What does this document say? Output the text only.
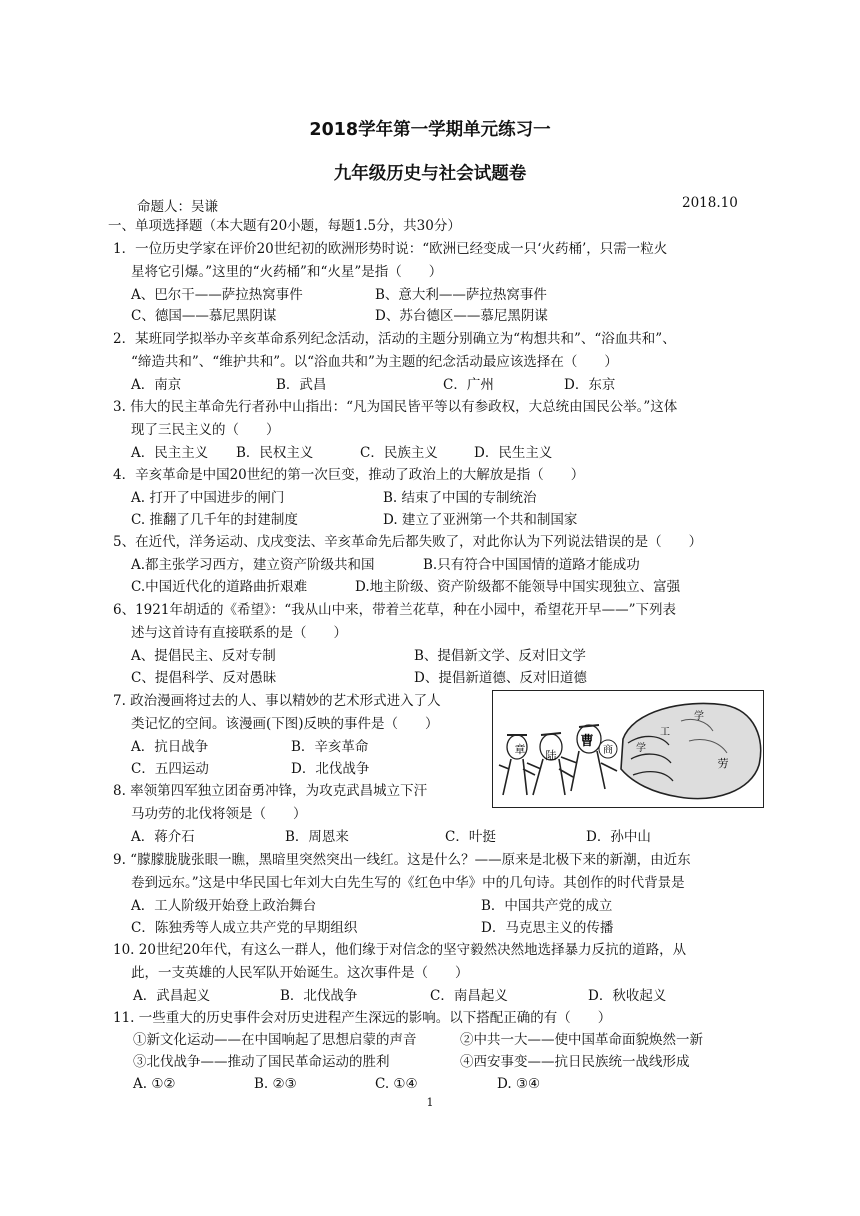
2018学年第一学期单元练习一
九年级历史与社会试题卷
命题人：吴谦	2018.10
一、单项选择题（本大题有20小题，每题1.5分，共30分）
1．一位历史学家在评价20世纪初的欧洲形势时说：“欧洲已经变成一只‘火药桶’，只需一粒火
星将它引爆。”这里的“火药桶”和“火星”是指（　　）
A、巴尔干——萨拉热窝事件	B、意大利——萨拉热窝事件
C、德国——慕尼黑阴谋	D、苏台德区——慕尼黑阴谋
2．某班同学拟举办辛亥革命系列纪念活动，活动的主题分别确立为“构想共和”、“浴血共和”、
“缔造共和”、“维护共和”。以“浴血共和”为主题的纪念活动最应该选择在（　　）
A．南京	B．武昌	C．广州	D．东京
3. 伟大的民主革命先行者孙中山指出：“凡为国民皆平等以有参政权，大总统由国民公举。”这体
现了三民主义的（　　）
A．民主主义 B．民权主义	C．民族主义	D．民生主义
4．辛亥革命是中国20世纪的第一次巨变，推动了政治上的大解放是指（　　）
A. 打开了中国进步的闸门	B. 结束了中国的专制统治
C. 推翻了几千年的封建制度	D. 建立了亚洲第一个共和制国家
5、在近代，洋务运动、戊戌变法、辛亥革命先后都失败了，对此你认为下列说法错误的是（　　）
A.都主张学习西方，建立资产阶级共和国	B.只有符合中国国情的道路才能成功
C.中国近代化的道路曲折艰难	D.地主阶级、资产阶级都不能领导中国实现独立、富强
6、1921年胡适的《希望》：“我从山中来，带着兰花草，种在小园中，希望花开早——”下列表
述与这首诗有直接联系的是（　　）
A、提倡民主、反对专制	B、提倡新文学、反对旧文学
C、提倡科学、反对愚昧	D、提倡新道德、反对旧道德
7. 政治漫画将过去的人、事以精妙的艺术形式进入了人
类记忆的空间。该漫画(下图)反映的事件是（　　）
A．抗日战争	B．辛亥革命
C．五四运动	D．北伐战争
章 陆
曹
商 学
工
学
劳
8. 率领第四军独立团奋勇冲锋，为攻克武昌城立下汗
马功劳的北伐将领是（　　）
A．蒋介石	B．周恩来	C．叶挺	D．孙中山
9. “朦朦胧胧张眼一瞧，黑暗里突然突出一线红。这是什么？——原来是北极下来的新潮，由近东
卷到远东。”这是中华民国七年刘大白先生写的《红色中华》中的几句诗。其创作的时代背景是
A．工人阶级开始登上政治舞台	B．中国共产党的成立
C．陈独秀等人成立共产党的早期组织	D．马克思主义的传播
10. 20世纪20年代，有这么一群人，他们缘于对信念的坚守毅然决然地选择暴力反抗的道路，从
此，一支英雄的人民军队开始诞生。这次事件是（　　）
A．武昌起义	B．北伐战争	C．南昌起义	D．秋收起义
11. 一些重大的历史事件会对历史进程产生深远的影响。以下搭配正确的有（　　）
①新文化运动——在中国响起了思想启蒙的声音	②中共一大——使中国革命面貌焕然一新
③北伐战争——推动了国民革命运动的胜利	④西安事变——抗日民族统一战线形成
A. ①②	B. ②③	C. ①④	D. ③④
1
